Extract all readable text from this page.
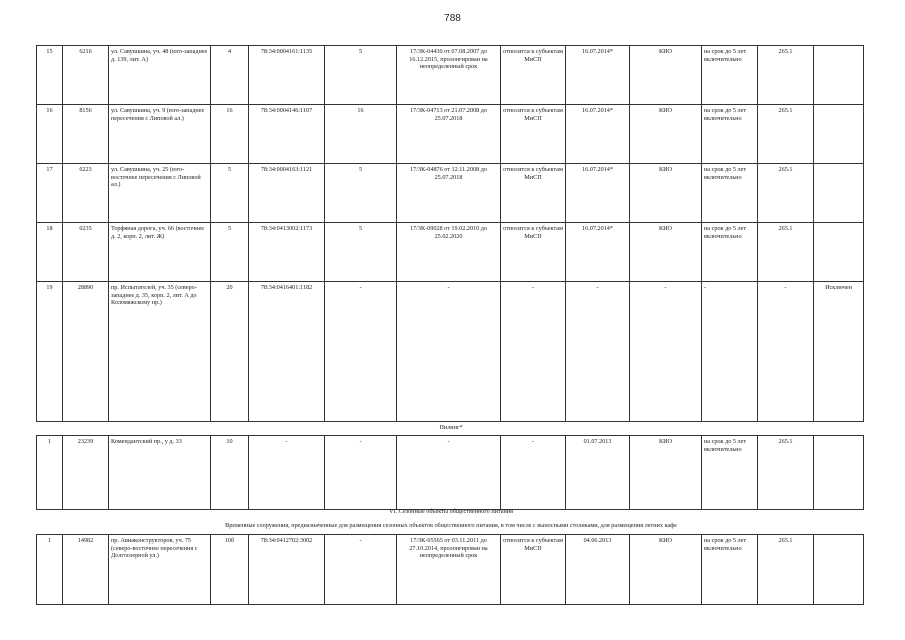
788
15	6216	ул. Савушкина, уч. 48 (юго-западнее д. 139, лит. А)	4	78:34:0004161:1135	5	17/ЗК-04430 от 07.08.2007 до 16.12.2015, пролонгирован на неопределенный срок	относится к субъектам МиСП	16.07.2014*	КИО	на срок до 5 лет включительно	265.1	
16	8156	ул. Савушкина, уч. 9 (юго-западнее пересечения с Липовой ал.)	16	78:34:0004146:1107	16	17/ЗК-04713 от 21.07.2008 до 25.07.2018	относится к субъектам МиСП	16.07.2014*	КИО	на срок до 5 лет включительно	265.1	
17	6223	ул. Савушкина, уч. 25 (юго-восточнее пересечения с Липовой ал.)	5	78:34:0004163:1121	5	17/ЗК-04876 от 12.11.2008 до 25.07.2018	относится к субъектам МиСП	16.07.2014*	КИО	на срок до 5 лет включительно	265.1	
18	0235	Торфяная дорога, уч. 66 (восточнее д. 2, корп. 2, лит. Ж)	5	78:34:0413002:1173	5	17/ЗК-09028 от 19.02.2010 до 25.02.2020	относится к субъектам МиСП	16.07.2014*	КИО	на срок до 5 лет включительно	265.1	
19	28890	пр. Испытателей, уч. 35 (северо-западнее д. 35, корп. 2, лит. А до Коломяжскому пр.)	20	78:34:0416401:1182	-	-	-	-	-	-	-	Исключен
Пилинг*
1	23239	Комендантский пр., у д. 33	10	-	-	-	-	01.07.2013	КИО	на срок до 5 лет включительно	265.1	
VI. Сезонные объекты общественного питания
Временные сооружения, предназначенные для размещения сезонных объектов общественного питания, в том числе с выносными столиками, для размещения летних кафе
1	14982	пр. Авиаконструкторов, уч. 75 (северо-восточнее пересечения с Долгоозерной ул.)	10б	78:34:0412702:3002	-	17/ЗК-05565 от 03.11.2011 до 27.10.2014, пролонгирован на неопределенный срок	относится к субъектам МиСП	04.06.2013	КИО	на срок до 5 лет включительно	265.1	
